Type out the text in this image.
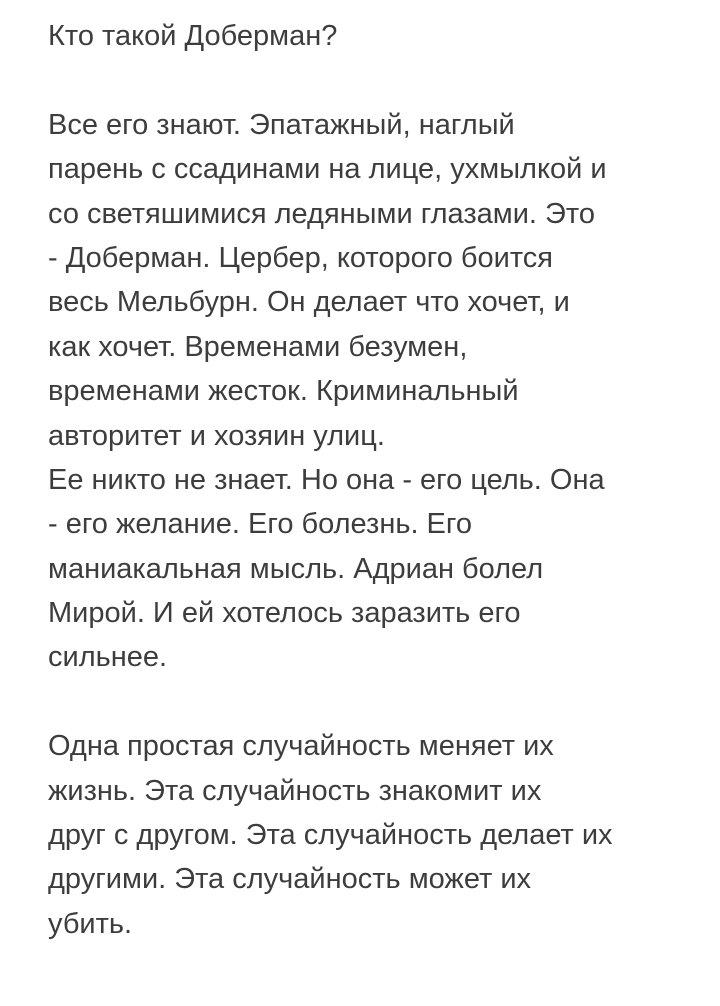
Кто такой Доберман?
Все его знают. Эпатажный, наглый
парень с ссадинами на лице, ухмылкой и
со светяшимися ледяными глазами. Это
- Доберман. Цербер, которого боится
весь Мельбурн. Он делает что хочет, и
как хочет. Временами безумен,
временами жесток. Криминальный
авторитет и хозяин улиц.
Ее никто не знает. Но она - его цель. Она
- его желание. Его болезнь. Его
маниакальная мысль. Адриан болел
Мирой. И ей хотелось заразить его
сильнее.
Одна простая случайность меняет их
жизнь. Эта случайность знакомит их
друг с другом. Эта случайность делает их
другими. Эта случайность может их
убить.
